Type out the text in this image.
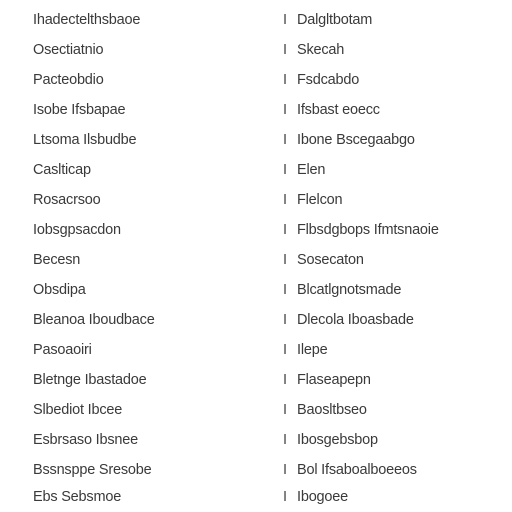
Ihadectelthsbaoe	I Dalgltbotam
Osectiatnio	I Skecah
Pacteobdio	I Fsdcabdo
Isobe Ifsbapae	I Ifsbast eoecc
Ltsoma Ilsbudbe	I Ibone Bscegaabgo
Caslticap	I Elen
Rosacrsoo	I Flelcon
Iobsgpsacdon	I Flbsdgbops Ifmtsnaoie
Becesn	I Sosecaton
Obsdipa	I Blcatlgnotsmade
Bleanoa Iboudbace	I Dlecola Iboasbade
Pasoaoiri	I Ilepe
Bletnge Ibastadoe	I Flaseapepn
Slbediot Ibcee	I Baosltbseo
Esbrsaso Ibsnee	I Ibosgebsbop
Bssnsppe Sresobe	I Bol Ifsaboalboeeos
Ebs Sebsmoe	I Ibogoee
